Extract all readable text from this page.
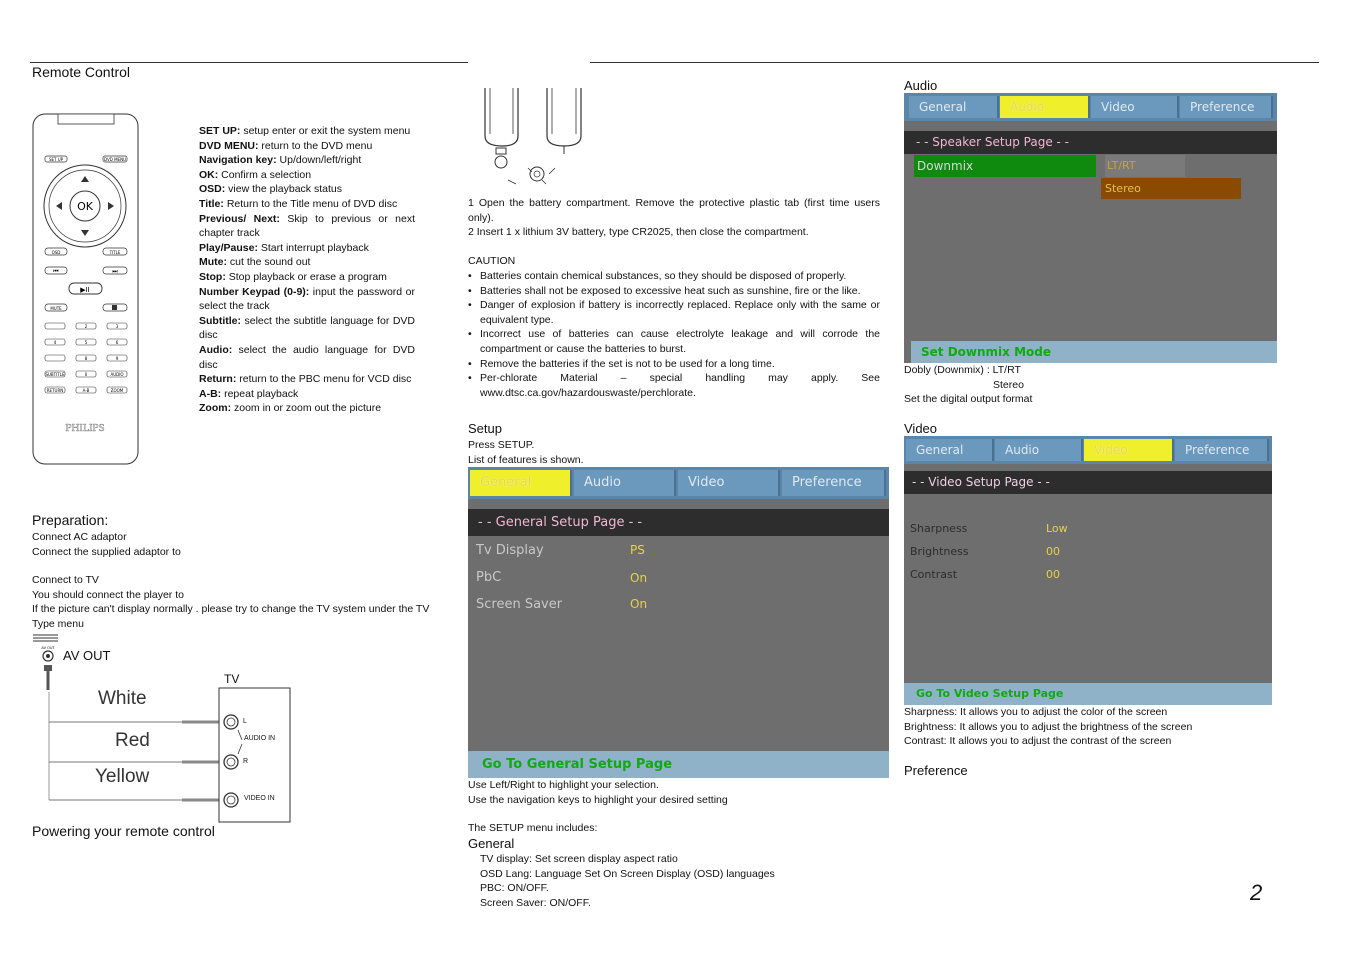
Remote Control
SET UP	DVD MENU
OK
OSD	TITLE
⏮	⏭
▶II
MUTE
2	3
4	5	6
8	9
SUBTITLE	0	AUDIO
RETURN	A-B	ZOOM
PHILIPS

SET UP: setup enter or exit the system menu

DVD MENU: return to the DVD menu

Navigation key: Up/down/left/right

OK: Confirm a selection

OSD: view the playback status

Title: Return to the Title menu of DVD disc

Previous/ Next: Skip to previous or next chapter track

Play/Pause: Start interrupt playback

Mute: cut the sound out

Stop: Stop playback or erase a program

Number Keypad (0-9): input the password or select the track

Subtitle: select the subtitle language for DVD disc

Audio: select the audio language for DVD disc

Return: return to the PBC menu for VCD disc

A-B: repeat playback

Zoom: zoom in or zoom out the picture

Preparation:

Connect AC adaptor

Connect the supplied adaptor to

Connect to TV

You should connect the player to

If the picture can't display normally . please try to change the TV system under the TV Type menu

AV OUT AV OUT
TV
White
Red
Yellow
L
AUDIO IN
R
VIDEO IN
Powering your remote control

1 Open the battery compartment. Remove the protective plastic tab (first time users only).

2 Insert 1 x lithium 3V battery, type CR2025, then close the compartment.

CAUTION
• Batteries contain chemical substances, so they should be disposed of properly.
• Batteries shall not be exposed to excessive heat such as sunshine, fire or the like.
• Danger of explosion if battery is incorrectly replaced. Replace only with the same or equivalent type.
• Incorrect use of batteries can cause electrolyte leakage and will corrode the compartment or cause the batteries to burst.
• Remove the batteries if the set is not to be used for a long time.
• Per-chlorate Material – special handling may apply. See www.dtsc.ca.gov/hazardouswaste/perchlorate.
Setup

Press SETUP.

List of features is shown.

General	Audio	Video	Preference
- - General Setup Page - -
Tv Display	PS
PbC	On
Screen Saver	On
Go To General Setup Page

Use Left/Right to highlight your selection.

Use the navigation keys to highlight your desired setting

The SETUP menu includes:
General

TV display: Set screen display aspect ratio

OSD Lang: Language Set On Screen Display (OSD) languages

PBC: ON/OFF.

Screen Saver: ON/OFF.

Audio
General	Audio	Video	Preference
- - Speaker Setup Page - -
Downmix	LT/RT
Stereo
Set Downmix Mode

Dobly (Downmix) : LT/RT

Stereo

Set the digital output format

Video
General	Audio	Video	Preference
- - Video Setup Page - -
Sharpness	Low
Brightness	00
Contrast	00
Go To Video Setup Page

Sharpness: It allows you to adjust the color of the screen

Brightness: It allows you to adjust the brightness of the screen

Contrast: It allows you to adjust the contrast of the screen

Preference
2
